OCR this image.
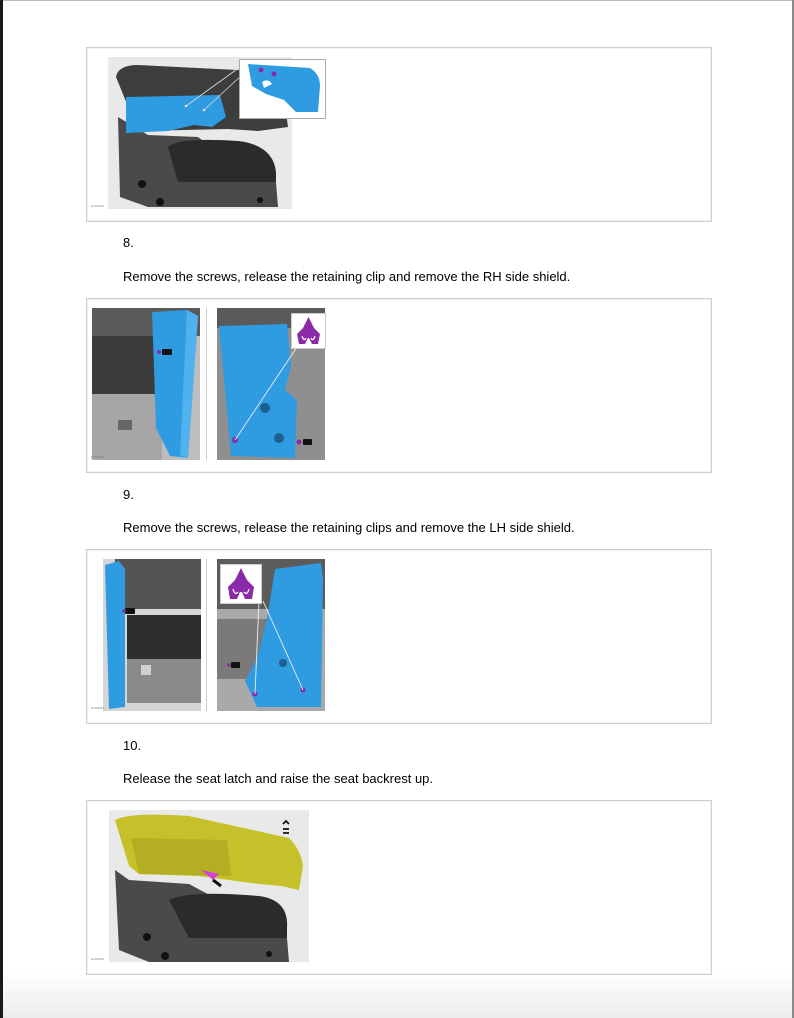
E160445
8.
Remove the screws, release the retaining clip and remove the RH side shield.
E160450
9.
Remove the screws, release the retaining clips and remove the LH side shield.
E160451
10.
Release the seat latch and raise the seat backrest up.
E160810
